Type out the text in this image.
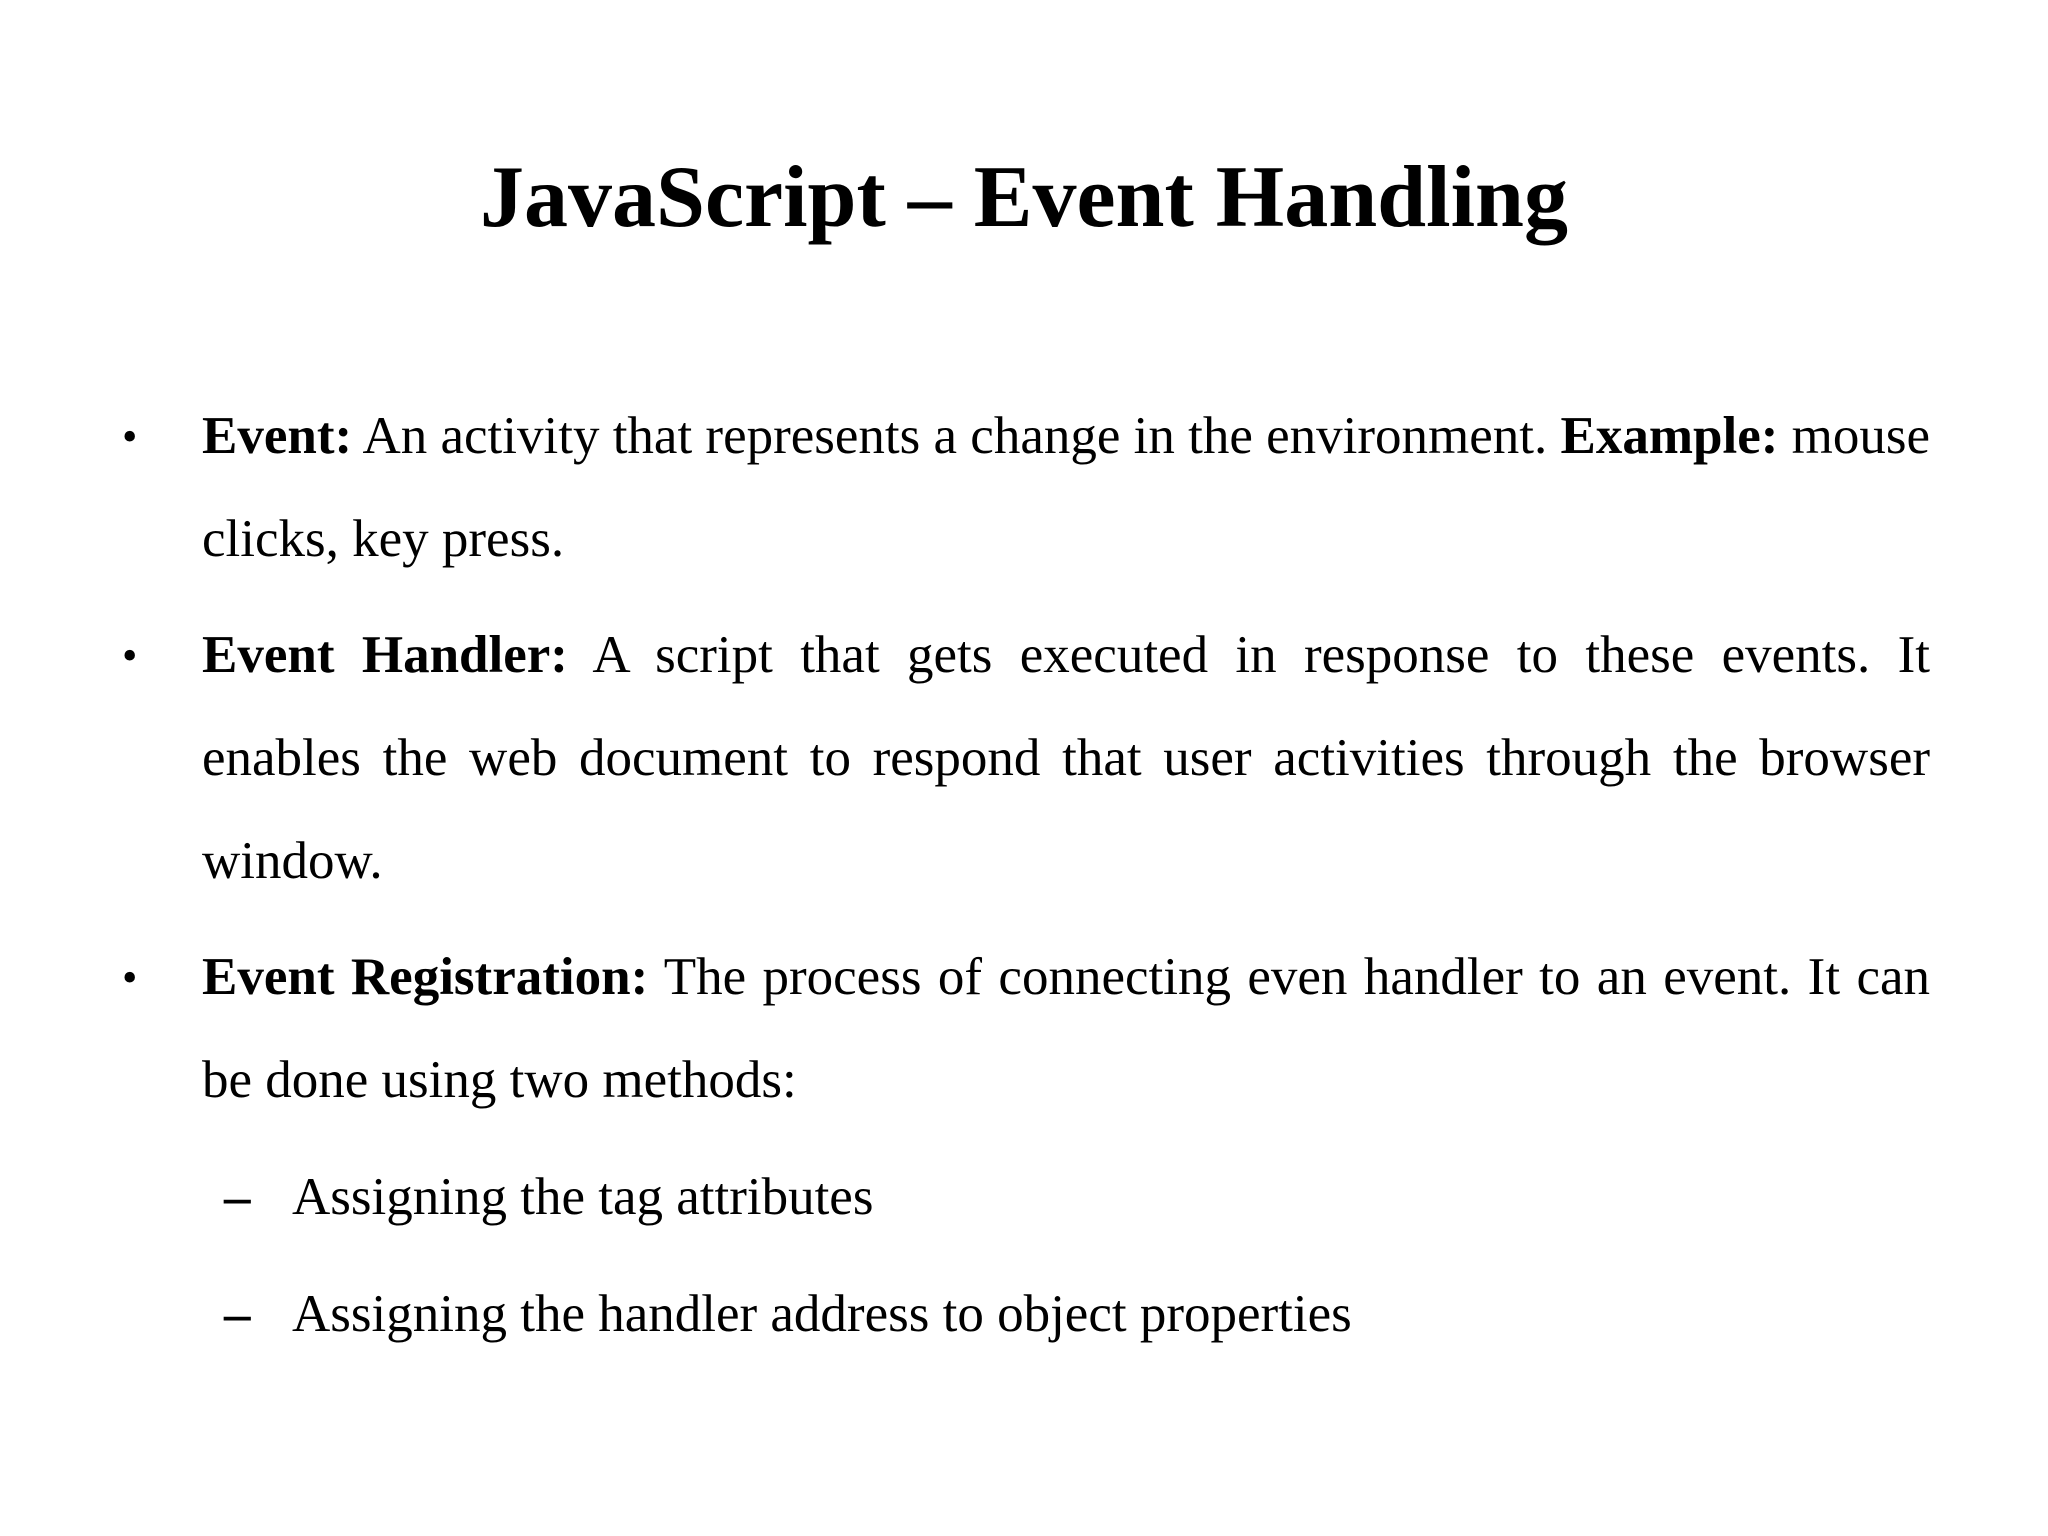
JavaScript – Event Handling
• Event: An activity that represents a change in the environment. Example: mouse clicks, key press.
• Event Handler: A script that gets executed in response to these events. It enables the web document to respond that user activities through the browser window.
• Event Registration: The process of connecting even handler to an event. It can be done using two methods:
– Assigning the tag attributes
– Assigning the handler address to object properties
